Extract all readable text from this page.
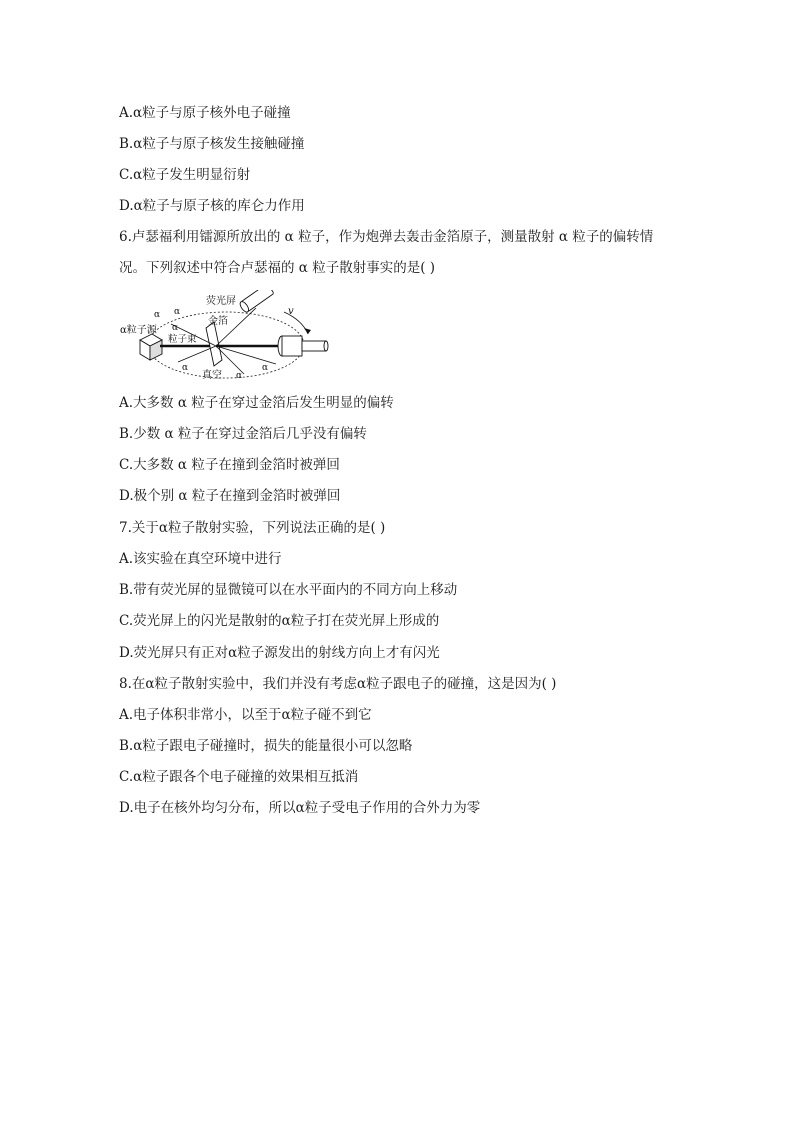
A.α粒子与原子核外电子碰撞
B.α粒子与原子核发生接触碰撞
C.α粒子发生明显衍射
D.α粒子与原子核的库仑力作用
6.卢瑟福利用镭源所放出的 α 粒子，作为炮弹去轰击金箔原子，测量散射 α 粒子的偏转情
况。下列叙述中符合卢瑟福的 α 粒子散射事实的是( )
荧光屏
金箔
α粒子源
粒子束
真空
v
α α
α
α
α
α
A.大多数 α 粒子在穿过金箔后发生明显的偏转
B.少数 α 粒子在穿过金箔后几乎没有偏转
C.大多数 α 粒子在撞到金箔时被弹回
D.极个别 α 粒子在撞到金箔时被弹回
7.关于α粒子散射实验，下列说法正确的是( )
A.该实验在真空环境中进行
B.带有荧光屏的显微镜可以在水平面内的不同方向上移动
C.荧光屏上的闪光是散射的α粒子打在荧光屏上形成的
D.荧光屏只有正对α粒子源发出的射线方向上才有闪光
8.在α粒子散射实验中，我们并没有考虑α粒子跟电子的碰撞，这是因为( )
A.电子体积非常小，以至于α粒子碰不到它
B.α粒子跟电子碰撞时，损失的能量很小可以忽略
C.α粒子跟各个电子碰撞的效果相互抵消
D.电子在核外均匀分布，所以α粒子受电子作用的合外力为零
